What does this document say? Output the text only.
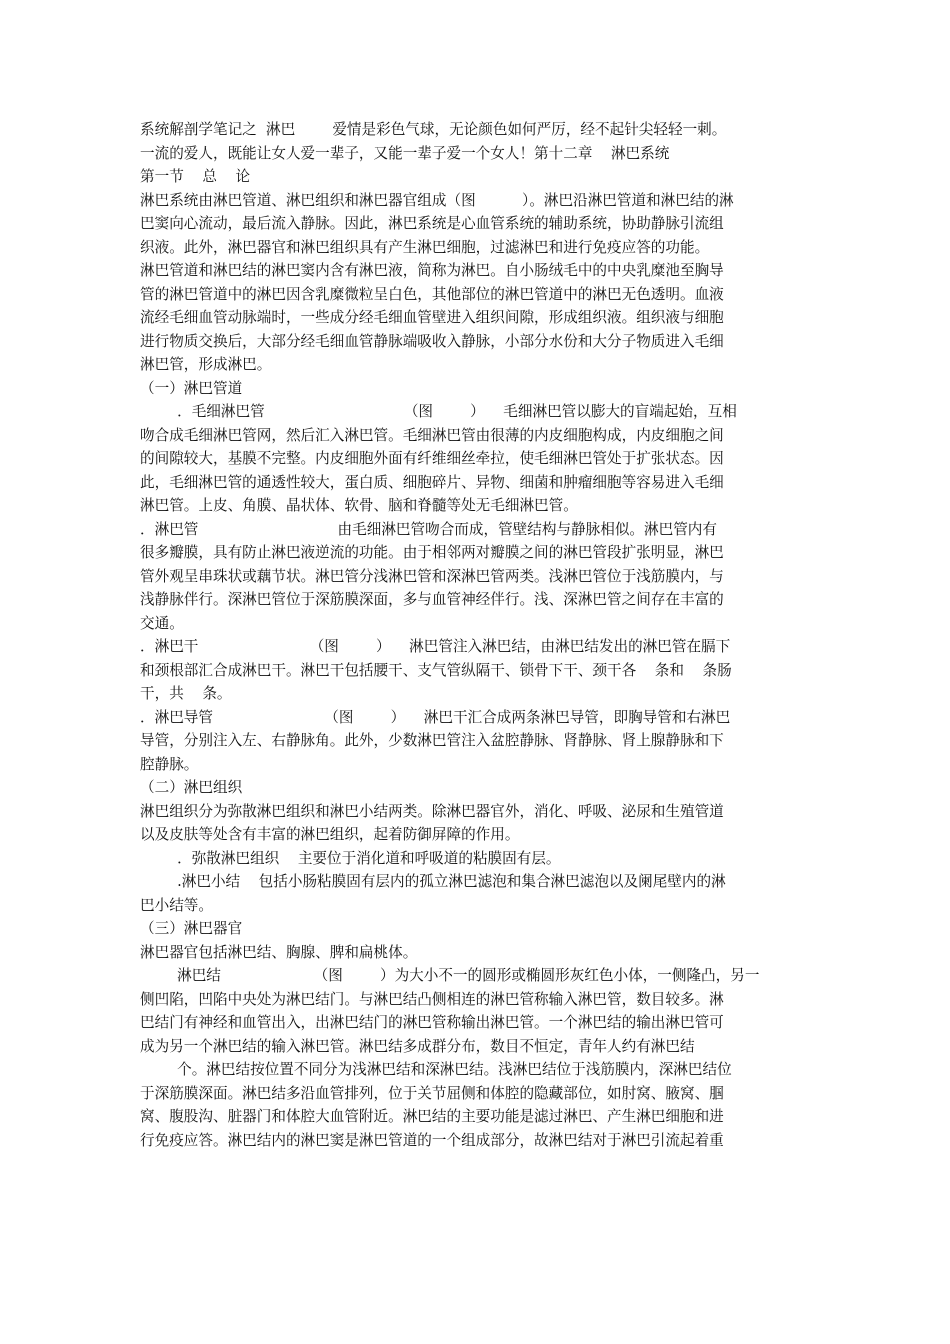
系统解剖学笔记之  淋巴        爱情是彩色气球，无论颜色如何严厉，经不起针尖轻轻一刺。
一流的爱人，既能让女人爱一辈子，又能一辈子爱一个女人！第十二章    淋巴系统
第一节    总    论
淋巴系统由淋巴管道、淋巴组织和淋巴器官组成（图          ）。淋巴沿淋巴管道和淋巴结的淋
巴窦向心流动，最后流入静脉。因此，淋巴系统是心血管系统的辅助系统，协助静脉引流组
织液。此外，淋巴器官和淋巴组织具有产生淋巴细胞，过滤淋巴和进行免疫应答的功能。
淋巴管道和淋巴结的淋巴窦内含有淋巴液，简称为淋巴。自小肠绒毛中的中央乳糜池至胸导
管的淋巴管道中的淋巴因含乳糜微粒呈白色，其他部位的淋巴管道中的淋巴无色透明。血液
流经毛细血管动脉端时，一些成分经毛细血管壁进入组织间隙，形成组织液。组织液与细胞
进行物质交换后，大部分经毛细血管静脉端吸收入静脉，小部分水份和大分子物质进入毛细
淋巴管，形成淋巴。
（一）淋巴管道
．毛细淋巴管                              （图        ）    毛细淋巴管以膨大的盲端起始，互相
吻合成毛细淋巴管网，然后汇入淋巴管。毛细淋巴管由很薄的内皮细胞构成，内皮细胞之间
的间隙较大，基膜不完整。内皮细胞外面有纤维细丝牵拉，使毛细淋巴管处于扩张状态。因
此，毛细淋巴管的通透性较大，蛋白质、细胞碎片、异物、细菌和肿瘤细胞等容易进入毛细
淋巴管。上皮、角膜、晶状体、软骨、脑和脊髓等处无毛细淋巴管。
．淋巴管                              由毛细淋巴管吻合而成，管壁结构与静脉相似。淋巴管内有
很多瓣膜，具有防止淋巴液逆流的功能。由于相邻两对瓣膜之间的淋巴管段扩张明显，淋巴
管外观呈串珠状或藕节状。淋巴管分浅淋巴管和深淋巴管两类。浅淋巴管位于浅筋膜内，与
浅静脉伴行。深淋巴管位于深筋膜深面，多与血管神经伴行。浅、深淋巴管之间存在丰富的
交通。
．淋巴干                        （图        ）    淋巴管注入淋巴结，由淋巴结发出的淋巴管在膈下
和颈根部汇合成淋巴干。淋巴干包括腰干、支气管纵隔干、锁骨下干、颈干各    条和    条肠
干，共    条。
．淋巴导管                        （图        ）    淋巴干汇合成两条淋巴导管，即胸导管和右淋巴
导管，分别注入左、右静脉角。此外，少数淋巴管注入盆腔静脉、肾静脉、肾上腺静脉和下
腔静脉。
（二）淋巴组织
淋巴组织分为弥散淋巴组织和淋巴小结两类。除淋巴器官外，消化、呼吸、泌尿和生殖管道
以及皮肤等处含有丰富的淋巴组织，起着防御屏障的作用。
．弥散淋巴组织    主要位于消化道和呼吸道的粘膜固有层。
.淋巴小结    包括小肠粘膜固有层内的孤立淋巴滤泡和集合淋巴滤泡以及阑尾壁内的淋
巴小结等。
（三）淋巴器官
淋巴器官包括淋巴结、胸腺、脾和扁桃体。
淋巴结                    （图        ）为大小不一的圆形或椭圆形灰红色小体，一侧隆凸，另一
侧凹陷，凹陷中央处为淋巴结门。与淋巴结凸侧相连的淋巴管称输入淋巴管，数目较多。淋
巴结门有神经和血管出入，出淋巴结门的淋巴管称输出淋巴管。一个淋巴结的输出淋巴管可
成为另一个淋巴结的输入淋巴管。淋巴结多成群分布，数目不恒定，青年人约有淋巴结
个。淋巴结按位置不同分为浅淋巴结和深淋巴结。浅淋巴结位于浅筋膜内，深淋巴结位
于深筋膜深面。淋巴结多沿血管排列，位于关节屈侧和体腔的隐藏部位，如肘窝、腋窝、腘
窝、腹股沟、脏器门和体腔大血管附近。淋巴结的主要功能是滤过淋巴、产生淋巴细胞和进
行免疫应答。淋巴结内的淋巴窦是淋巴管道的一个组成部分，故淋巴结对于淋巴引流起着重
